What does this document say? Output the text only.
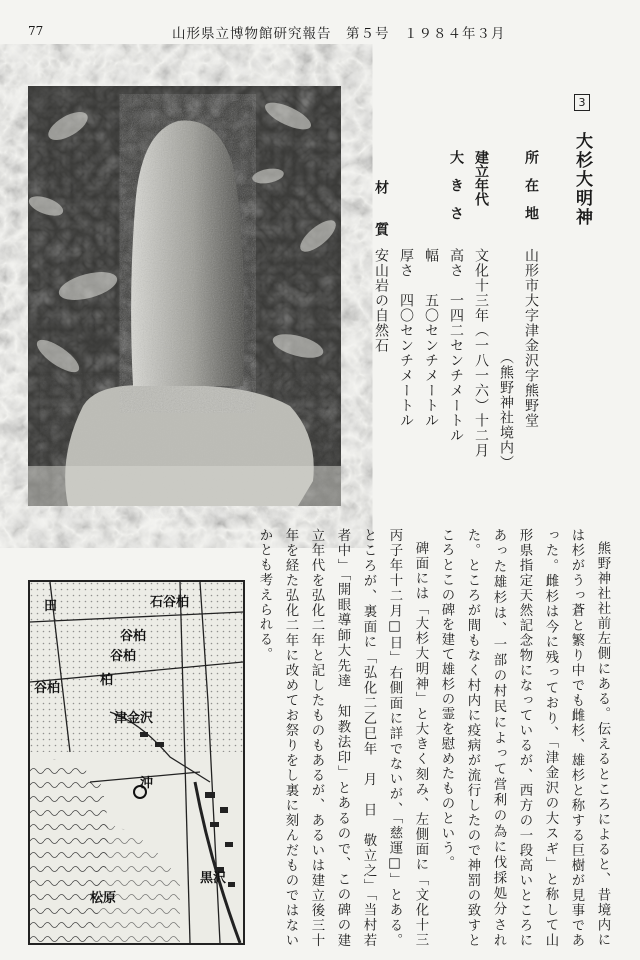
77	山形県立博物館研究報告　第５号　１９８４年３月
谷柏
谷柏
津金沢
沖
柏
黒沢
松原
田	石谷柏
谷柏
3
大杉大明神
所　在　地
建立年代
大　き　さ
材　　質
山形市大字津金沢字熊野堂
（熊野神社境内）
文化十三年（一八一六）十二月
高さ　一四二センチメートル
幅　　五〇センチメートル
厚さ　四〇センチメートル
安山岩の自然石

熊野神社社前左側にある。伝えるところによると、昔境内には杉がうっ蒼と繁り中でも雌杉、雄杉と称する巨樹が見事であった。雌杉は今に残っており、「津金沢の大スギ」と称して山形県指定天然記念物になっているが、西方の一段高いところにあった雄杉は、一部の村民によって営利の為に伐採処分された。ところが間もなく村内に疫病が流行したので神罰の致すところとこの碑を建て雄杉の霊を慰めたものという。

碑面には「大杉大明神」と大きく刻み、左側面に「文化十三丙子年十二月□日」右側面に詳でないが、「慈運□」とある。ところが、裏面に「弘化二乙巳年　月　日　敬立之」「当村若者中」「開眼導師大先達　知教法印」とあるので、この碑の建立年代を弘化二年と記したものもあるが、あるいは建立後三十年を経た弘化二年に改めてお祭りをし裏に刻んだものではないかとも考えられる。
